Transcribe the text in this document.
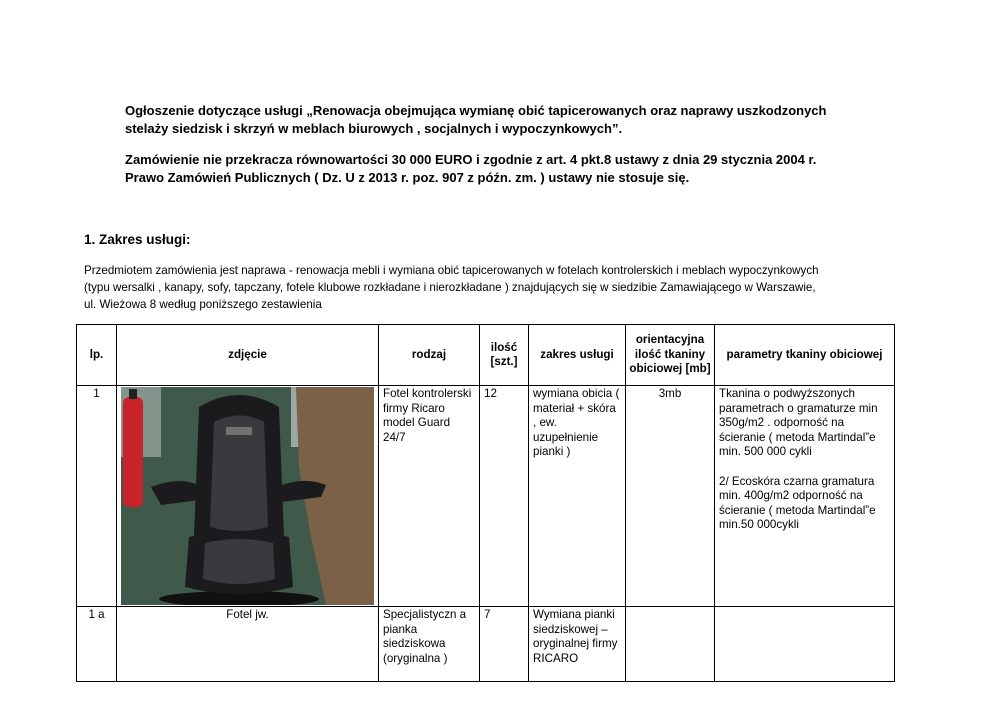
Ogłoszenie dotyczące usługi „Renowacja obejmująca wymianę obić tapicerowanych oraz naprawy uszkodzonych
stelaży siedzisk i skrzyń w meblach biurowych , socjalnych i wypoczynkowych”.

Zamówienie nie przekracza równowartości 30 000 EURO i zgodnie z art. 4 pkt.8 ustawy z dnia 29 stycznia 2004 r.
Prawo Zamówień Publicznych ( Dz. U z 2013 r. poz. 907 z późn. zm. ) ustawy nie stosuje się.

1. Zakres usługi:

Przedmiotem zamówienia jest naprawa - renowacja mebli i wymiana obić tapicerowanych w fotelach kontrolerskich i meblach wypoczynkowych
(typu wersalki , kanapy, sofy, tapczany, fotele klubowe rozkładane i nierozkładane ) znajdujących się w siedzibie Zamawiającego w Warszawie,
ul. Wieżowa 8 według poniższego zestawienia

lp.	zdjęcie	rodzaj	ilość [szt.]	zakres usługi	orientacyjna ilość tkaniny obiciowej [mb]	parametry tkaniny obiciowej
1		Fotel kontrolerski firmy Ricaro model Guard 24/7	12	wymiana obicia ( materiał + skóra , ew. uzupełnienie pianki )	3mb	Tkanina o podwyższonych parametrach o gramaturze min 350g/m2 . odporność na ścieranie ( metoda Martindal”e min. 500 000 cykli

2/ Ecoskóra czarna gramatura min. 400g/m2 odporność na ścieranie ( metoda Martindal”e min.50 000cykli

1 a	Fotel jw.	Specjalistyczn a pianka siedziskowa (oryginalna )	7	Wymiana pianki siedziskowej – oryginalnej firmy RICARO		
